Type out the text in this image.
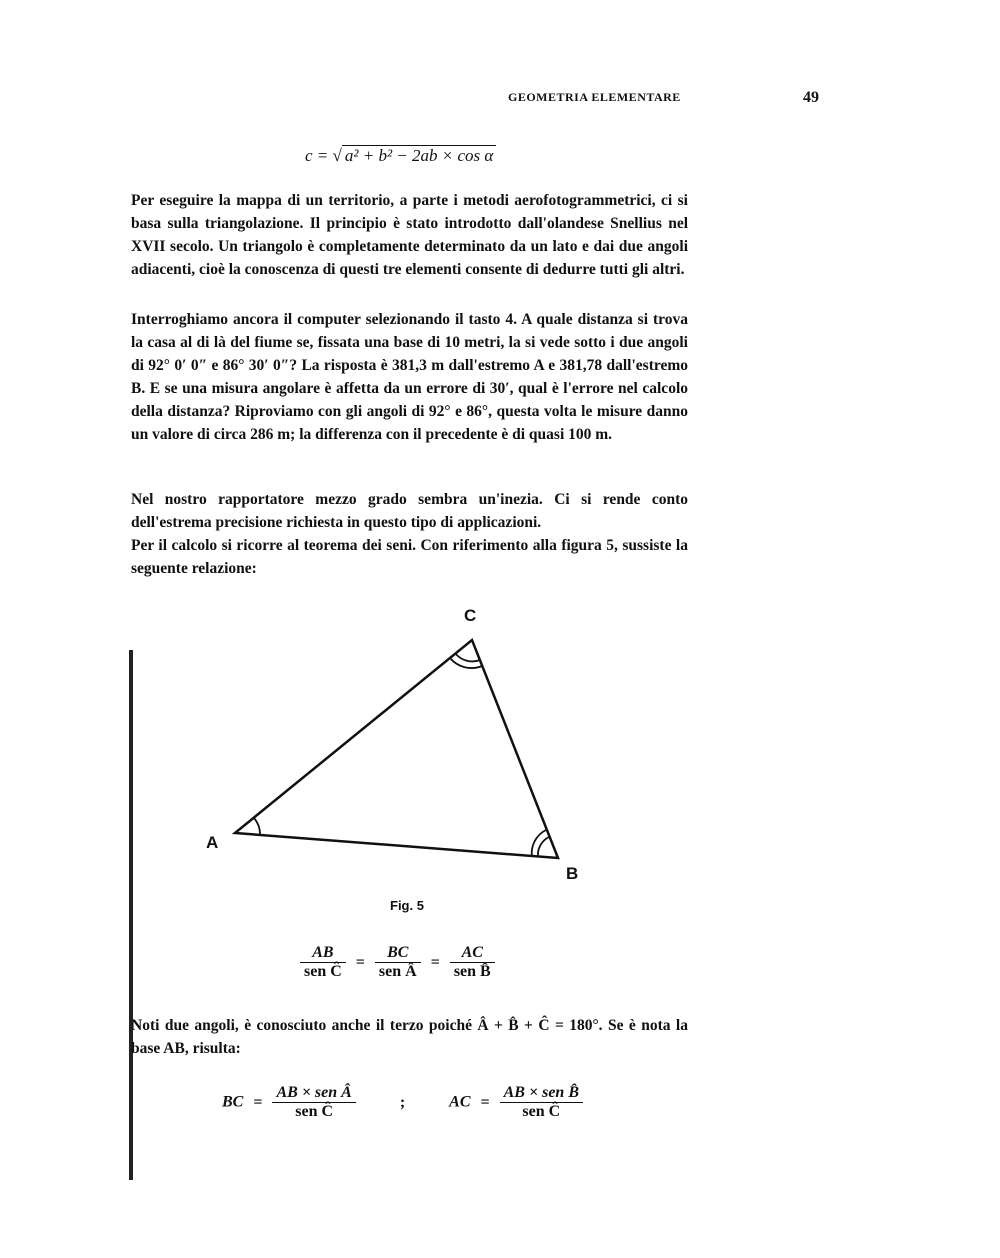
GEOMETRIA ELEMENTARE	49
c = √ a² + b² − 2ab × cos α
Per eseguire la mappa di un territorio, a parte i metodi aerofotogrammetrici, ci si basa sulla triangolazione. Il principio è stato introdotto dall'olandese Snellius nel XVII secolo. Un triangolo è completamente determinato da un lato e dai due angoli adiacenti, cioè la conoscenza di questi tre elementi consente di dedurre tutti gli altri.
Interroghiamo ancora il computer selezionando il tasto 4. A quale distanza si trova la casa al di là del fiume se, fissata una base di 10 metri, la si vede sotto i due angoli di 92° 0′ 0″ e 86° 30′ 0″? La risposta è 381,3 m dall'estremo A e 381,78 dall'estremo B. E se una misura angolare è affetta da un errore di 30′, qual è l'errore nel calcolo della distanza? Riproviamo con gli angoli di 92° e 86°, questa volta le misure danno un valore di circa 286 m; la differenza con il precedente è di quasi 100 m.
Nel nostro rapportatore mezzo grado sembra un'inezia. Ci si rende conto dell'estrema precisione richiesta in questo tipo di applicazioni.
Per il calcolo si ricorre al teorema dei seni. Con riferimento alla figura 5, sussiste la seguente relazione:
A
B
C
Fig. 5
$\frac{AB}{\text{sen Ĉ}} = \frac{BC}{\text{sen Â}} = \frac{AC}{\text{sen B̂}}$
Noti due angoli, è conosciuto anche il terzo poiché Â + B̂ + Ĉ = 180°. Se è nota la base AB, risulta:
BC = $\frac{\text{AB × sen Â}}{\text{sen Ĉ}}$	;	AC = $\frac{\text{AB × sen B̂}}{\text{sen Ĉ}}$
